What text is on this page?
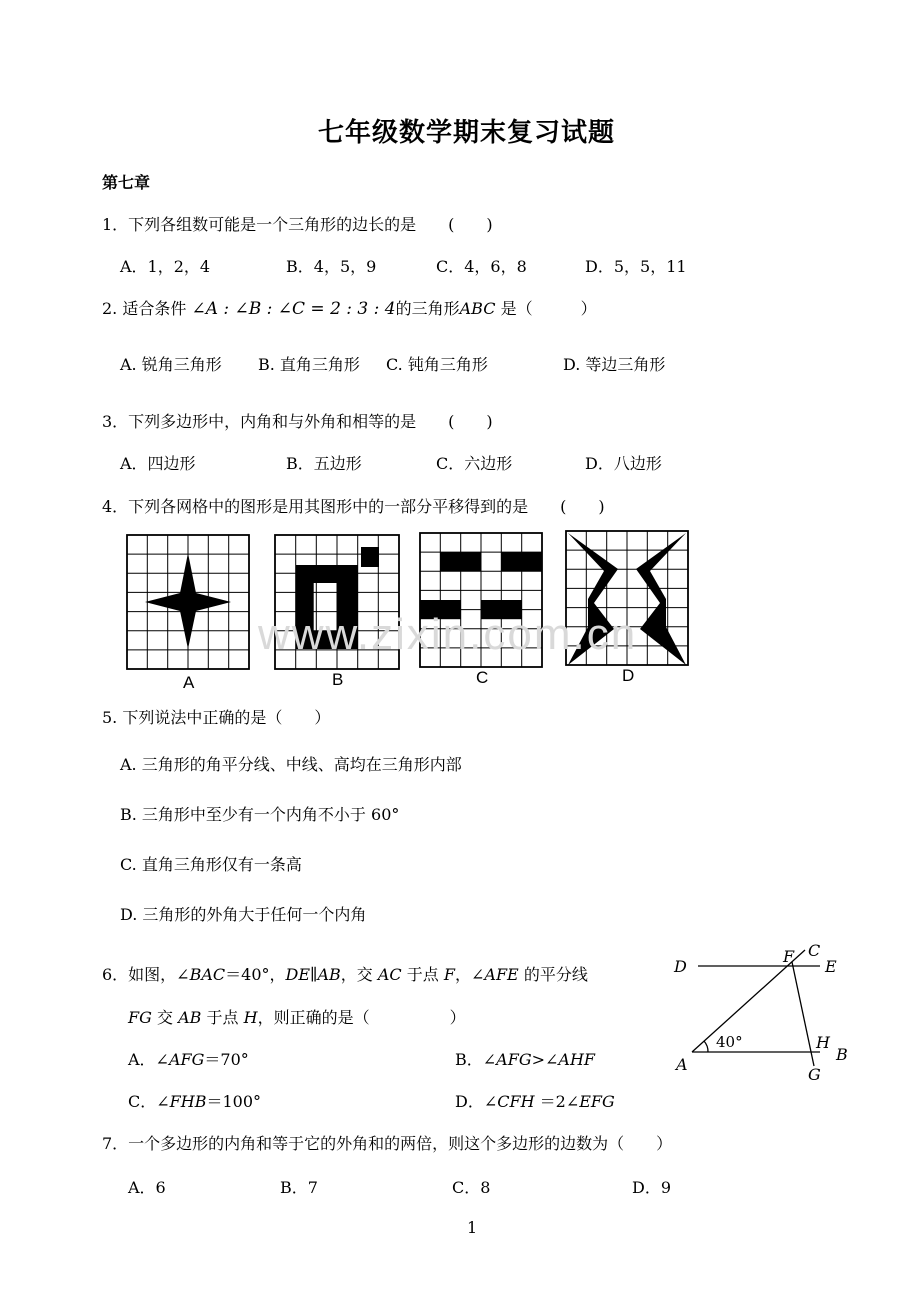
七年级数学期末复习试题
第七章
1．下列各组数可能是一个三角形的边长的是　　(　　)
A．1，2，4	B．4，5，9	C．4，6，8	D．5，5，11
2. 适合条件 ∠A : ∠B : ∠C = 2 : 3 : 4的三角形ABC 是（　　　）
A. 锐角三角形 B. 直角三角形 C. 钝角三角形	D. 等边三角形
3．下列多边形中，内角和与外角和相等的是　　(　　)
A．四边形	B．五边形	C．六边形	D．八边形
4．下列各网格中的图形是用其图形中的一部分平移得到的是　　(　　)
A	B	C	D
www.zixin.com.cn
5. 下列说法中正确的是（　　）
A. 三角形的角平分线、中线、高均在三角形内部
B. 三角形中至少有一个内角不小于 60°
C. 直角三角形仅有一条高
D. 三角形的外角大于任何一个内角
6．如图，∠BAC＝40°，DE∥AB，交 AC 于点 F，∠AFE 的平分线
FG 交 AB 于点 H，则正确的是（　　　　　）
A．∠AFG＝70°	B．∠AFG>∠AHF
C．∠FHB＝100°	D．∠CFH ＝2∠EFG
D
F C
E
A
H
B
G
40°
7．一个多边形的内角和等于它的外角和的两倍，则这个多边形的边数为（　　）
A．6	B．7	C．8	D．9
1
